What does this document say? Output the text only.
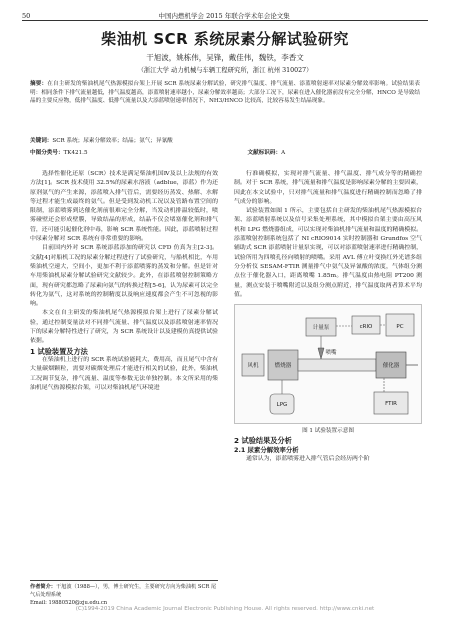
50	中国内燃机学会 2015 年联合学术年会论文集
柴油机 SCR 系统尿素分解试验研究
干旭波，姚栋伟，吴锋，戴佳伟，魏铁，李香文
（浙江大学 动力机械与车辆工程研究所，浙江 杭州 310027）
摘要：在自主研发的柴油机尾气热源模拟台架上开展 SCR 系统尿素分解试验，研究排气温度、排气流量、添蓝喷射速率对尿素分解效率影响。试验结果表明：相同条件下排气流量越低，排气温度越高，添蓝喷射速率越小，尿素分解效率越高；大部分工况下，尿素在进入催化器前没有完全分解，HNCO 是导致结晶的主要反应物，低排气温度、低排气流量以及大添蓝喷射速率情况下，NH3/HNCO 比较高，比较容易发生结晶现象。
关键词：SCR 系统；尿素分解效率；结晶；氨气；异氰酸
中图分类号：TK421.5	文献标识码：A

选择性催化还原（SCR）技术是满足柴油机国Ⅳ及以上法规的有效方法[1]。SCR 技术使用 32.5%的尿素水溶液（adblue，添蓝）作为还原剂氨气的产生来源，添蓝喷入排气管后，需要经历蒸发、热解、水解等过程才能生成最终的氨气。但是受到发动机工况以及管路布置空间的限制，添蓝喷雾到达催化剂前很难完全分解，当发动机排温较低时，喷雾碰壁还会形成壁膜，导致结晶的形成，结晶不仅会堵塞催化剂和排气管，还可能引起催化剂中毒，影响 SCR 系统性能。因此，添蓝喷射过程中尿素分解对 SCR 系统有非常重要的影响。

目前国内外对 SCR 系统添蓝添加的研究以 CFD 仿真为主[2-3]。文献[4]对船机工况的尿素分解过程进行了试验研究，与船机相比，车用柴油机空速大，空间小，更加不利于添蓝喷雾的蒸发和分解。但是针对车用柴油机尿素分解试验研究文献较少。此外，在添蓝喷射控制策略方面，现有研究都忽略了尿素向氨气的转换过程[5-6]，认为尿素可以完全转化为氨气，这对系统的控制精度以及响应速度都会产生不可忽视的影响。

本文在自主研发的柴油机尾气热源模拟台架上进行了尿素分解试验，通过控制变量法对不同排气流量、排气温度以及添蓝喷射速率情况下的尿素分解特性进行了研究，为 SCR 系统设计以及建模仿真提供试验依据。

1 试验装置及方法

在柴油机上进行的 SCR 系统试验能耗大，费用高，而且尾气中含有大量碳烟颗粒，需要对碳烟处理后才能进行相关的试验，此外，柴油机工况调节复杂，排气流量、温度等参数无法单独控制。本文所采用的柴油机尾气热源模拟台架，可以对柴油机尾气环境进

行准确模拟，实现对排气流量、排气温度、排气成分等的精确控制。对于 SCR 系统，排气流量和排气温度是影响尿素分解的主要因素，因此在本文试验中，只对排气流量和排气温度进行精确控制而忽略了排气成分的影响。

试验装置如图 1 所示，主要包括自主研发的柴油机尾气热源模拟台架、添蓝喷射系统以及信号采集处理系统，其中模拟台架主要由高压风机和 LPG 燃烧器组成，可以实现对柴油机排气流量和温度的精确模拟。添蓝喷射控制系统包括了 NI cRIO9014 实时控制器和 Grundfos 空气辅助式 SCR 添蓝喷射计量泵实现，可以对添蓝喷射速率进行精确控制，试验所用为四喷孔径向喷射的喷嘴。采用 AVL 傅立叶变换红外光谱多组分分析仪 SESAM-FTIR 测量排气中氨气及异氰酸的浓度，气体组分测点位于催化器入口，距离喷嘴 1.85m。排气温度由热电阻 PT200 测量，测点安装于喷嘴附近以及组分测点附近，排气温度取两者算术平均值。

LPG
风机	燃烧器
喷嘴
计量泵
催化器
FTIR
cRIO	PC

图 1 试验装置示意图

2 试验结果及分析

2.1 尿素分解效率分析

通常认为，添蓝喷雾进入排气管后会经历两个阶

作者简介：干旭波（1988—），男，博士研究生，主要研究方向为柴油机 SCR 尾气后处理系统
Email: 19880520@zju.edu.cn
(C)1994-2019 China Academic Journal Electronic Publishing House. All rights reserved. http://www.cnki.net
